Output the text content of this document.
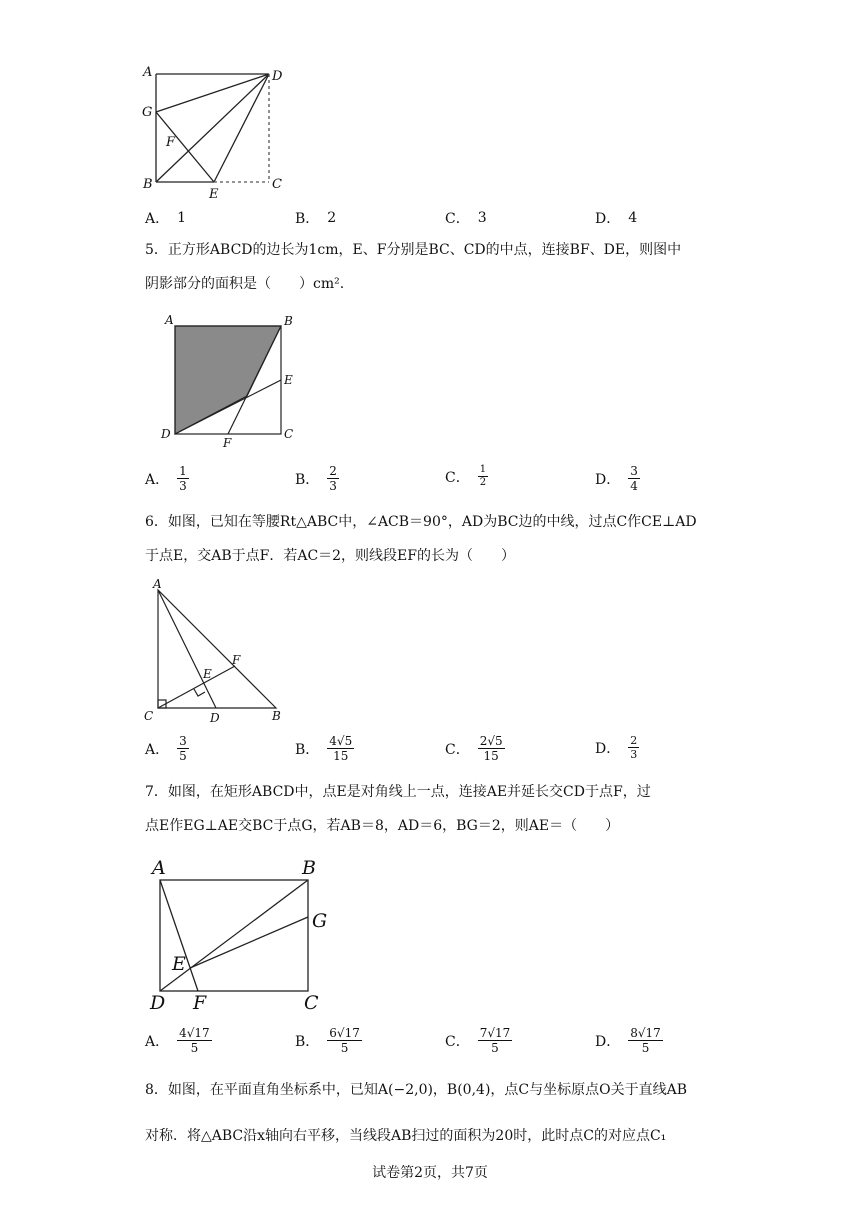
A	D
G
F
B
E
C
A． 1	B． 2	C． 3	D． 4
5．正方形ABCD的边长为1cm，E、F分别是BC、CD的中点，连接BF、DE，则图中
阴影部分的面积是（　　）cm².
A	B
E
D
F
C
A． $\frac{1}{3}$	B． $\frac{2}{3}$	C． $\frac{1}{2}$	D． $\frac{3}{4}$
6．如图，已知在等腰Rt△ABC中，∠ACB＝90°，AD为BC边的中线，过点C作CE⊥AD
于点E，交AB于点F．若AC＝2，则线段EF的长为（　　）
A
F
E
C	D	B
A． $\frac{3}{5}$	B． $\frac{4√5}{15}$	C． $\frac{2√5}{15}$	D． $\frac{2}{3}$
7．如图，在矩形ABCD中，点E是对角线上一点，连接AE并延长交CD于点F，过
点E作EG⊥AE交BC于点G，若AB＝8，AD＝6，BG＝2，则AE＝（　　）
A	B
G
E
D F	C
A． $\frac{4√17}{5}$	B． $\frac{6√17}{5}$	C． $\frac{7√17}{5}$	D． $\frac{8√17}{5}$
8．如图，在平面直角坐标系中，已知A(−2,0)，B(0,4)，点C与坐标原点O关于直线AB
对称．将△ABC沿x轴向右平移，当线段AB扫过的面积为20时，此时点C的对应点C₁
试卷第2页，共7页
